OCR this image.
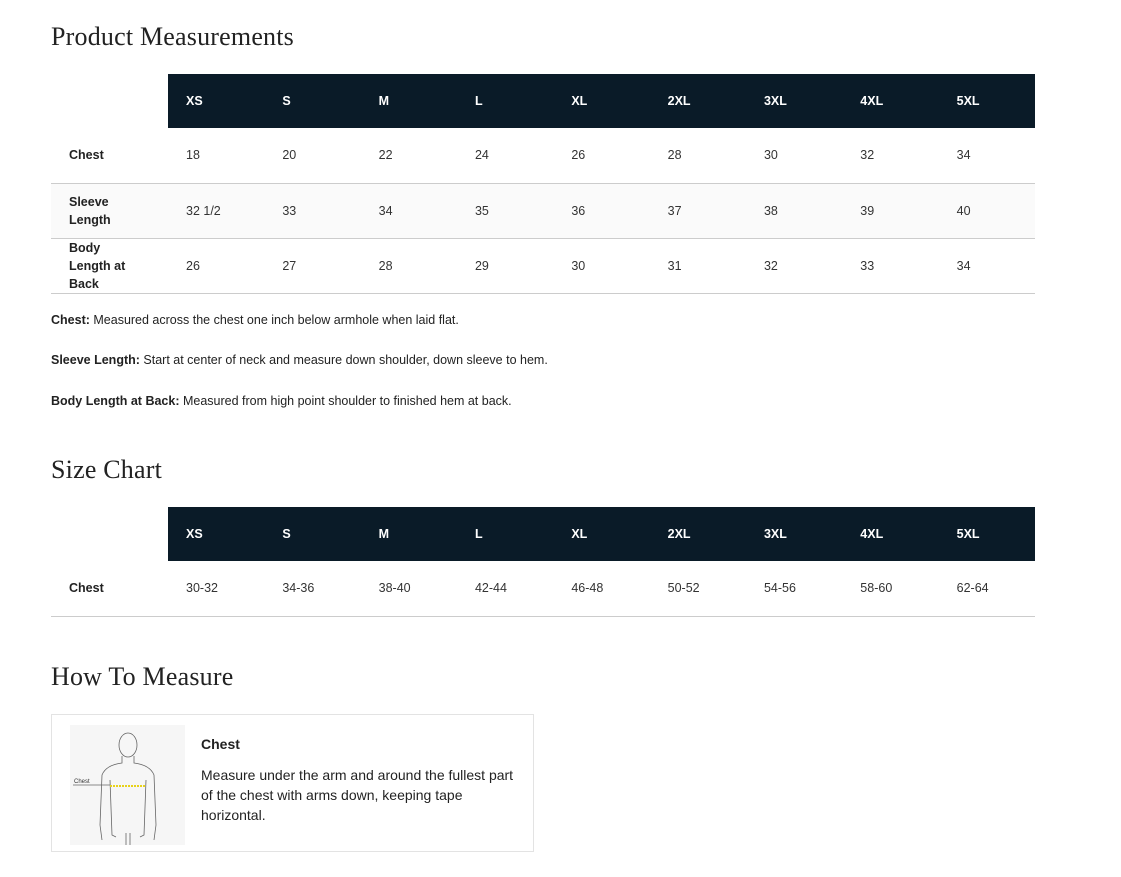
Product Measurements
	XS	S	M	L	XL	2XL	3XL	4XL	5XL
Chest	18	20	22	24	26	28	30	32	34
Sleeve Length	32 1/2	33	34	35	36	37	38	39	40
Body Length at Back	26	27	28	29	30	31	32	33	34
Chest: Measured across the chest one inch below armhole when laid flat.
Sleeve Length: Start at center of neck and measure down shoulder, down sleeve to hem.
Body Length at Back: Measured from high point shoulder to finished hem at back.
Size Chart
	XS	S	M	L	XL	2XL	3XL	4XL	5XL
Chest	30-32	34-36	38-40	42-44	46-48	50-52	54-56	58-60	62-64
How To Measure
Chest
Chest
Measure under the arm and around the fullest part of the chest with arms down, keeping tape horizontal.
